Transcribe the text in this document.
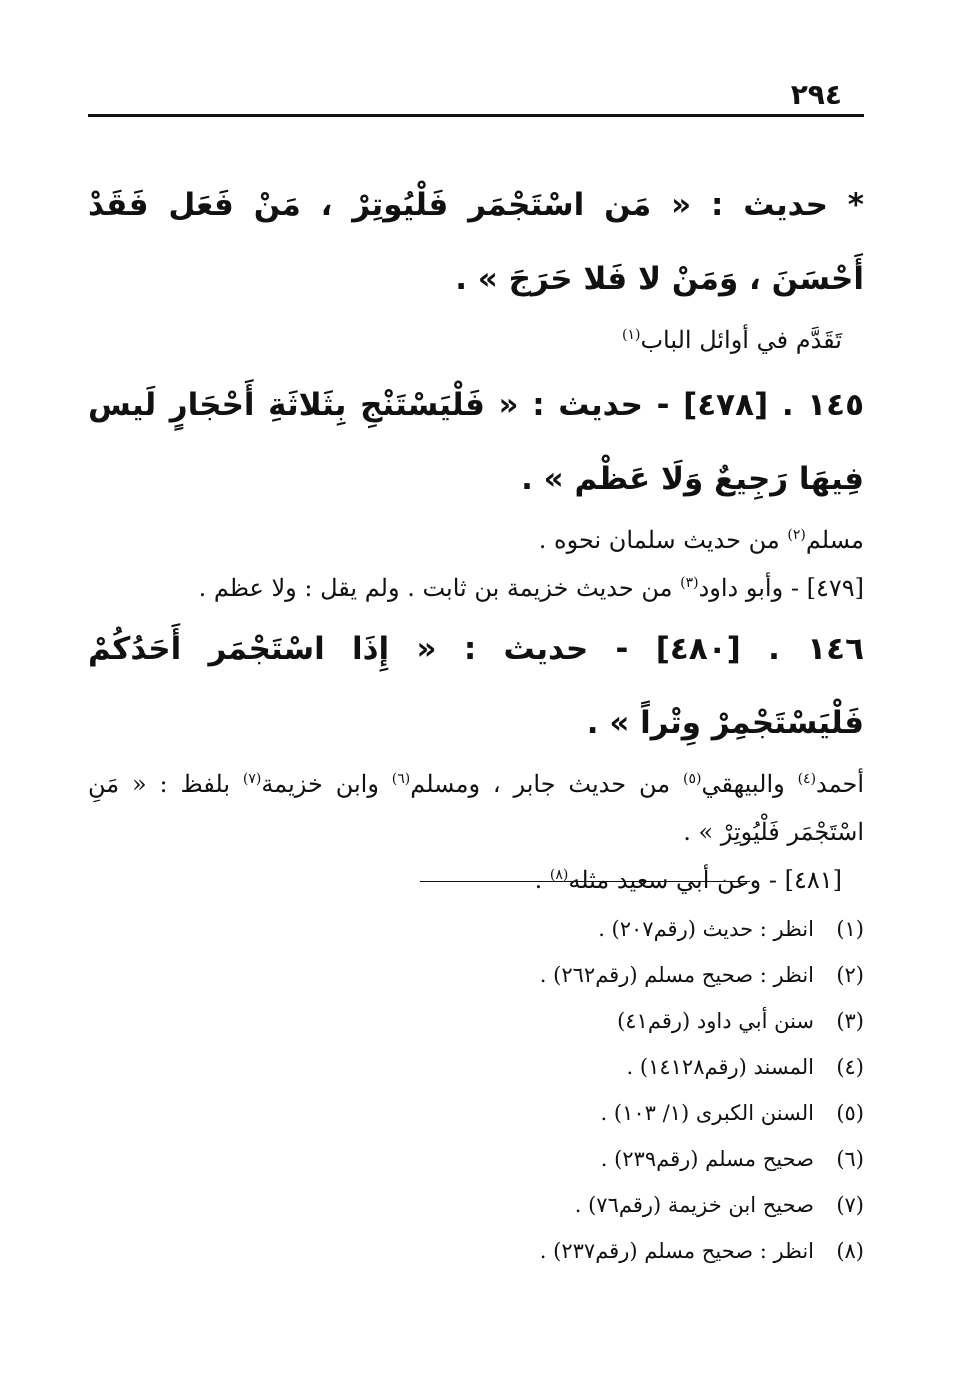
٢٩٤

* حديث : « مَن اسْتَجْمَر فَلْيُوتِرْ ، مَنْ فَعَل فَقَدْ أَحْسَنَ ، وَمَنْ لا فَلا حَرَجَ » .

تَقَدَّم في أوائل الباب$^{(١)}$

١٤٥ . [٤٧٨] - حديث : « فَلْيَسْتَنْجِ بِثَلاثَةِ أَحْجَارٍ لَيس فِيهَا رَجِيعٌ وَلَا عَظْم » .

مسلم$^{(٢)}$ من حديث سلمان نحوه .

[٤٧٩] - وأبو داود$^{(٣)}$ من حديث خزيمة بن ثابت . ولم يقل : ولا عظم .

١٤٦ . [٤٨٠] - حديث : « إِذَا اسْتَجْمَر أَحَدُكُمْ فَلْيَسْتَجْمِرْ وِتْراً » .

أحمد$^{(٤)}$ والبيهقي$^{(٥)}$ من حديث جابر ، ومسلم$^{(٦)}$ وابن خزيمة$^{(٧)}$ بلفظ : « مَنِ اسْتَجْمَر فَلْيُوتِرْ » .

[٤٨١] - وعن أبي سعيد مثله$^{(٨)}$ .

(١)
انظر : حديث (رقم٢٠٧) .

(٢)
انظر : صحيح مسلم (رقم٢٦٢) .

(٣)
سنن أبي داود (رقم٤١)

(٤)
المسند (رقم١٤١٢٨) .

(٥)
السنن الكبرى (١/ ١٠٣) .

(٦)
صحيح مسلم (رقم٢٣٩) .

(٧)
صحيح ابن خزيمة (رقم٧٦) .

(٨)
انظر : صحيح مسلم (رقم٢٣٧) .
